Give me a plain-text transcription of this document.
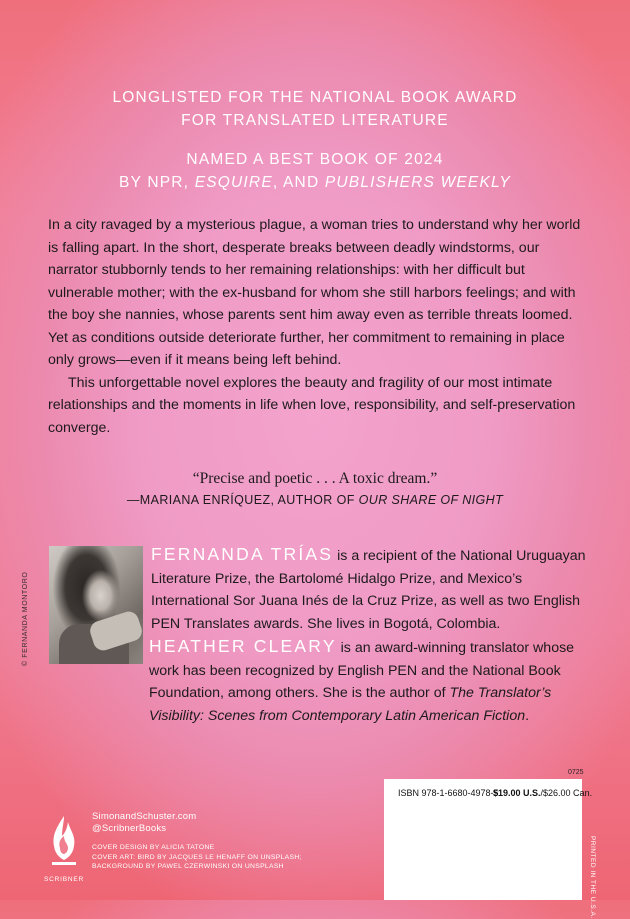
LONGLISTED FOR THE NATIONAL BOOK AWARD
FOR TRANSLATED LITERATURE
NAMED A BEST BOOK OF 2024
BY NPR, ESQUIRE, AND PUBLISHERS WEEKLY

In a city ravaged by a mysterious plague, a woman tries to understand why her world is falling apart. In the short, desperate breaks between deadly windstorms, our narrator stubbornly tends to her remaining relationships: with her difficult but vulnerable mother; with the ex-husband for whom she still harbors feelings; and with the boy she nannies, whose parents sent him away even as terrible threats loomed. Yet as conditions outside deteriorate further, her commitment to remaining in place only grows—even if it means being left behind.

This unforgettable novel explores the beauty and fragility of our most intimate relationships and the moments in life when love, responsibility, and self-preservation converge.

“Precise and poetic . . . A toxic dream.”
—MARIANA ENRÍQUEZ, AUTHOR OF OUR SHARE OF NIGHT
© FERNANDA MONTORO

FERNANDA TRÍAS is a recipient of the National Uruguayan Literature Prize, the Bartolomé Hidalgo Prize, and Mexico’s International Sor Juana Inés de la Cruz Prize, as well as two English PEN Translates awards. She lives in Bogotá, Colombia.

HEATHER CLEARY is an award-winning translator whose work has been recognized by English PEN and the National Book Foundation, among others. She is the author of The Translator’s Visibility: Scenes from Contemporary Latin American Fiction.

SCRIBNER
SimonandSchuster.com
@ScribnerBooks
COVER DESIGN BY ALICIA TATONE
COVER ART: BIRD BY JACQUES LE HENAFF ON UNSPLASH;
BACKGROUND BY PAWEL CZERWINSKI ON UNSPLASH
0725
ISBN 978-1-6680-4978-5
$19.00 U.S./$26.00 Can.
PRINTED IN THE U.S.A.
